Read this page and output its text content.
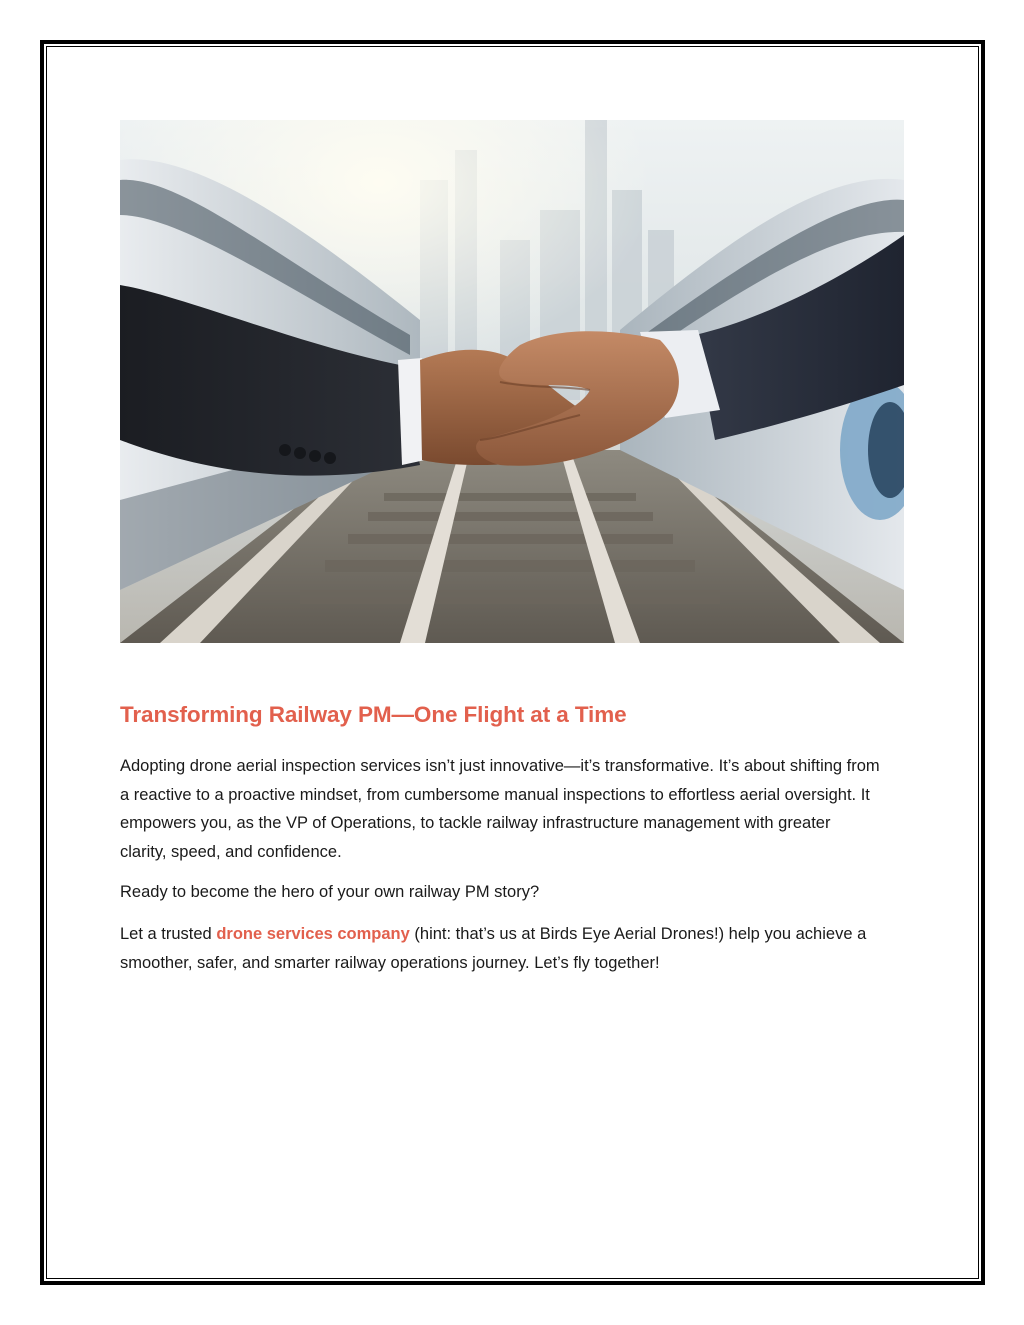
Transforming Railway PM—One Flight at a Time

Adopting drone aerial inspection services isn’t just innovative—it’s transformative. It’s about shifting from a reactive to a proactive mindset, from cumbersome manual inspections to effortless aerial oversight. It empowers you, as the VP of Operations, to tackle railway infrastructure management with greater clarity, speed, and confidence.

Ready to become the hero of your own railway PM story?

Let a trusted drone services company (hint: that’s us at Birds Eye Aerial Drones!) help you achieve a smoother, safer, and smarter railway operations journey. Let’s fly together!
